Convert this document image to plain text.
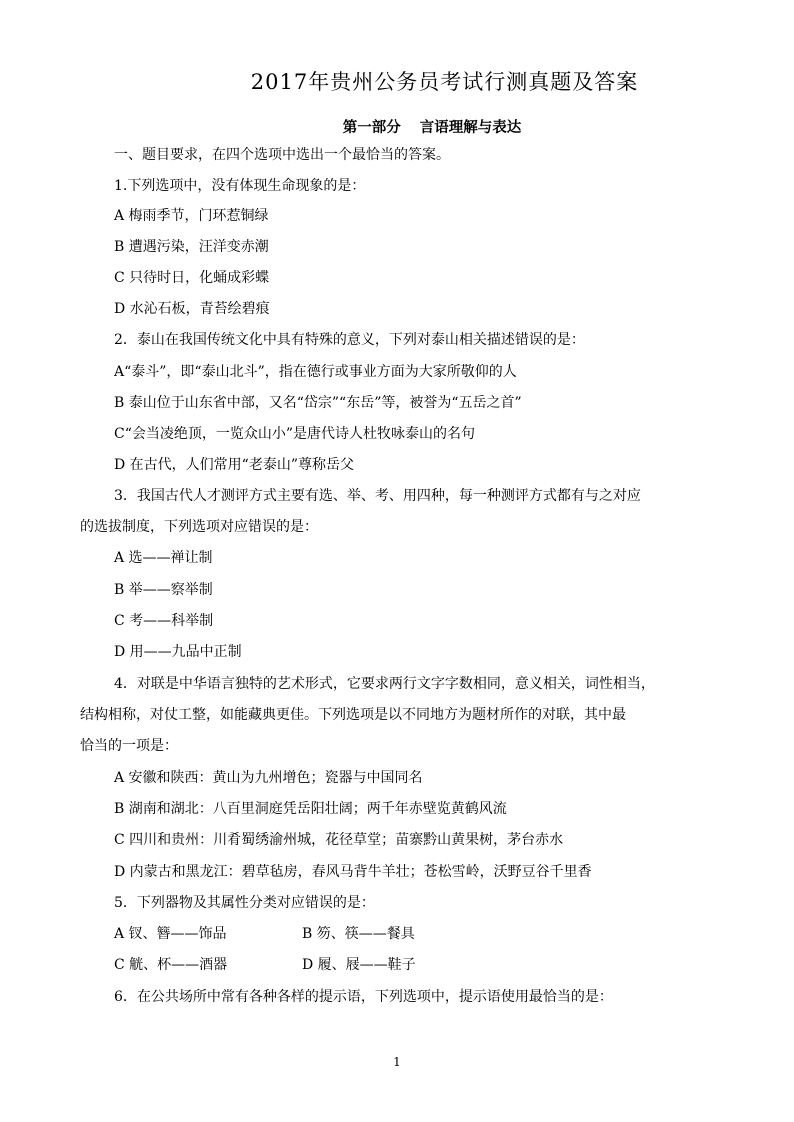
2017年贵州公务员考试行测真题及答案
第一部分 言语理解与表达
一、题目要求，在四个选项中选出一个最恰当的答案。
1.下列选项中，没有体现生命现象的是：
A 梅雨季节，门环惹铜绿
B 遭遇污染，汪洋变赤潮
C 只待时日，化蛹成彩蝶
D 水沁石板，青苔绘碧痕
2．泰山在我国传统文化中具有特殊的意义，下列对泰山相关描述错误的是：
A“泰斗”，即“泰山北斗”，指在德行或事业方面为大家所敬仰的人
B 泰山位于山东省中部，又名“岱宗”“东岳”等，被誉为“五岳之首”
C“会当凌绝顶，一览众山小”是唐代诗人杜牧咏泰山的名句
D 在古代，人们常用“老泰山”尊称岳父
3．我国古代人才测评方式主要有选、举、考、用四种，每一种测评方式都有与之对应
的选拔制度，下列选项对应错误的是：
A 选——禅让制
B 举——察举制
C 考——科举制
D 用——九品中正制
4．对联是中华语言独特的艺术形式，它要求两行文字字数相同，意义相关，词性相当，
结构相称，对仗工整，如能藏典更佳。下列选项是以不同地方为题材所作的对联，其中最
恰当的一项是：
A 安徽和陕西：黄山为九州增色；瓷器与中国同名
B 湖南和湖北：八百里洞庭凭岳阳壮阔；两千年赤壁览黄鹤风流
C 四川和贵州：川肴蜀绣渝州城，花径草堂；苗寨黔山黄果树，茅台赤水
D 内蒙古和黑龙江：碧草毡房，春风马背牛羊壮；苍松雪岭，沃野豆谷千里香
5．下列器物及其属性分类对应错误的是：
A 钗、簪——饰品	B 笏、筷——餐具
C 觥、杯——酒器	D 履、屐——鞋子
6．在公共场所中常有各种各样的提示语，下列选项中，提示语使用最恰当的是：
1
